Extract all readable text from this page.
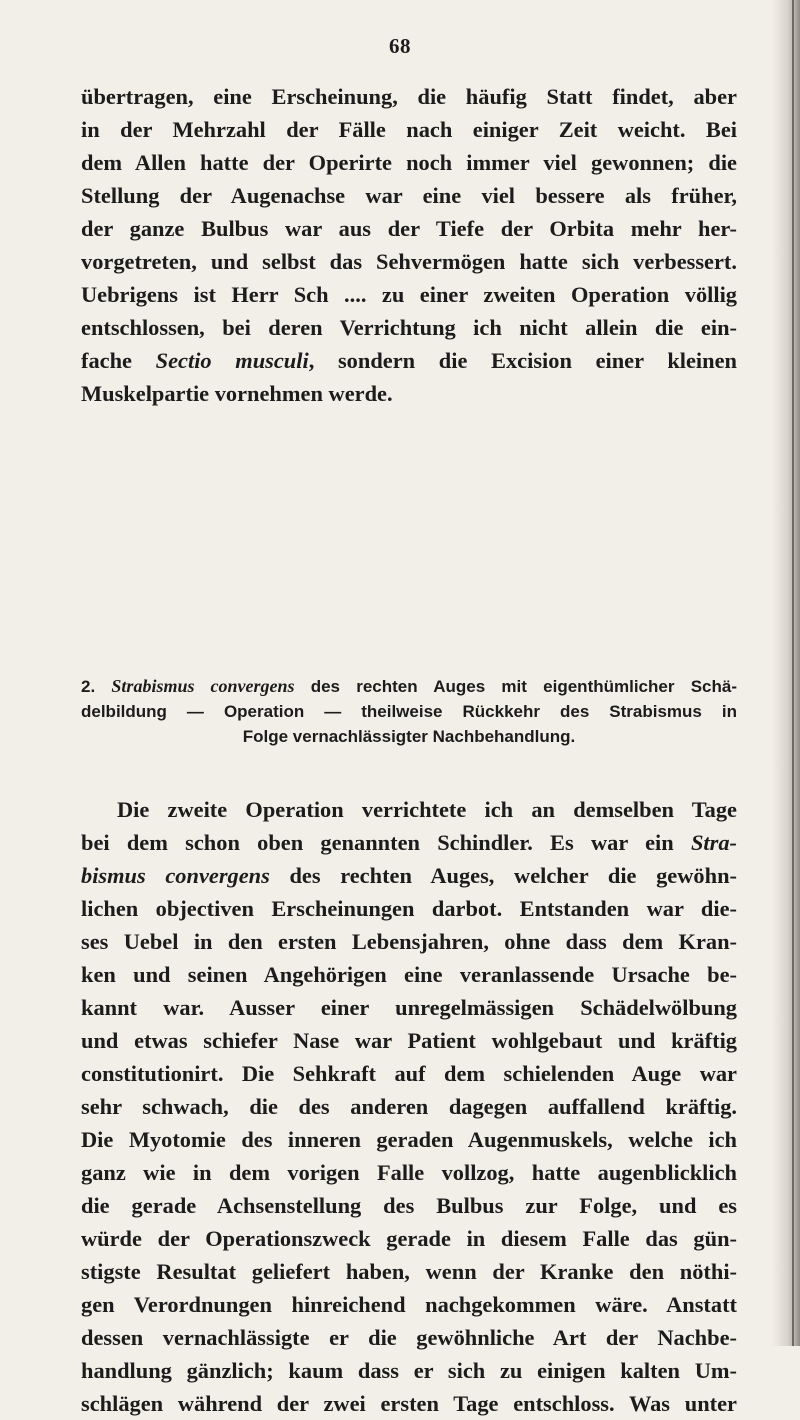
68
übertragen, eine Erscheinung, die häufig Statt findet, aber
in der Mehrzahl der Fälle nach einiger Zeit weicht. Bei
dem Allen hatte der Operirte noch immer viel gewonnen; die
Stellung der Augenachse war eine viel bessere als früher,
der ganze Bulbus war aus der Tiefe der Orbita mehr her-
vorgetreten, und selbst das Sehvermögen hatte sich verbessert.
Uebrigens ist Herr Sch .... zu einer zweiten Operation völlig
entschlossen, bei deren Verrichtung ich nicht allein die ein-
fache Sectio musculi, sondern die Excision einer kleinen
Muskelpartie vornehmen werde.
2. Strabismus convergens des rechten Auges mit eigenthümlicher Schä-
delbildung — Operation — theilweise Rückkehr des Strabismus in
Folge vernachlässigter Nachbehandlung.
Die zweite Operation verrichtete ich an demselben Tage
bei dem schon oben genannten Schindler. Es war ein Stra-
bismus convergens des rechten Auges, welcher die gewöhn-
lichen objectiven Erscheinungen darbot. Entstanden war die-
ses Uebel in den ersten Lebensjahren, ohne dass dem Kran-
ken und seinen Angehörigen eine veranlassende Ursache be-
kannt war. Ausser einer unregelmässigen Schädelwölbung
und etwas schiefer Nase war Patient wohlgebaut und kräftig
constitutionirt. Die Sehkraft auf dem schielenden Auge war
sehr schwach, die des anderen dagegen auffallend kräftig.
Die Myotomie des inneren geraden Augenmuskels, welche ich
ganz wie in dem vorigen Falle vollzog, hatte augenblicklich
die gerade Achsenstellung des Bulbus zur Folge, und es
würde der Operationszweck gerade in diesem Falle das gün-
stigste Resultat geliefert haben, wenn der Kranke den nöthi-
gen Verordnungen hinreichend nachgekommen wäre. Anstatt
dessen vernachlässigte er die gewöhnliche Art der Nachbe-
handlung gänzlich; kaum dass er sich zu einigen kalten Um-
schlägen während der zwei ersten Tage entschloss. Was unter
